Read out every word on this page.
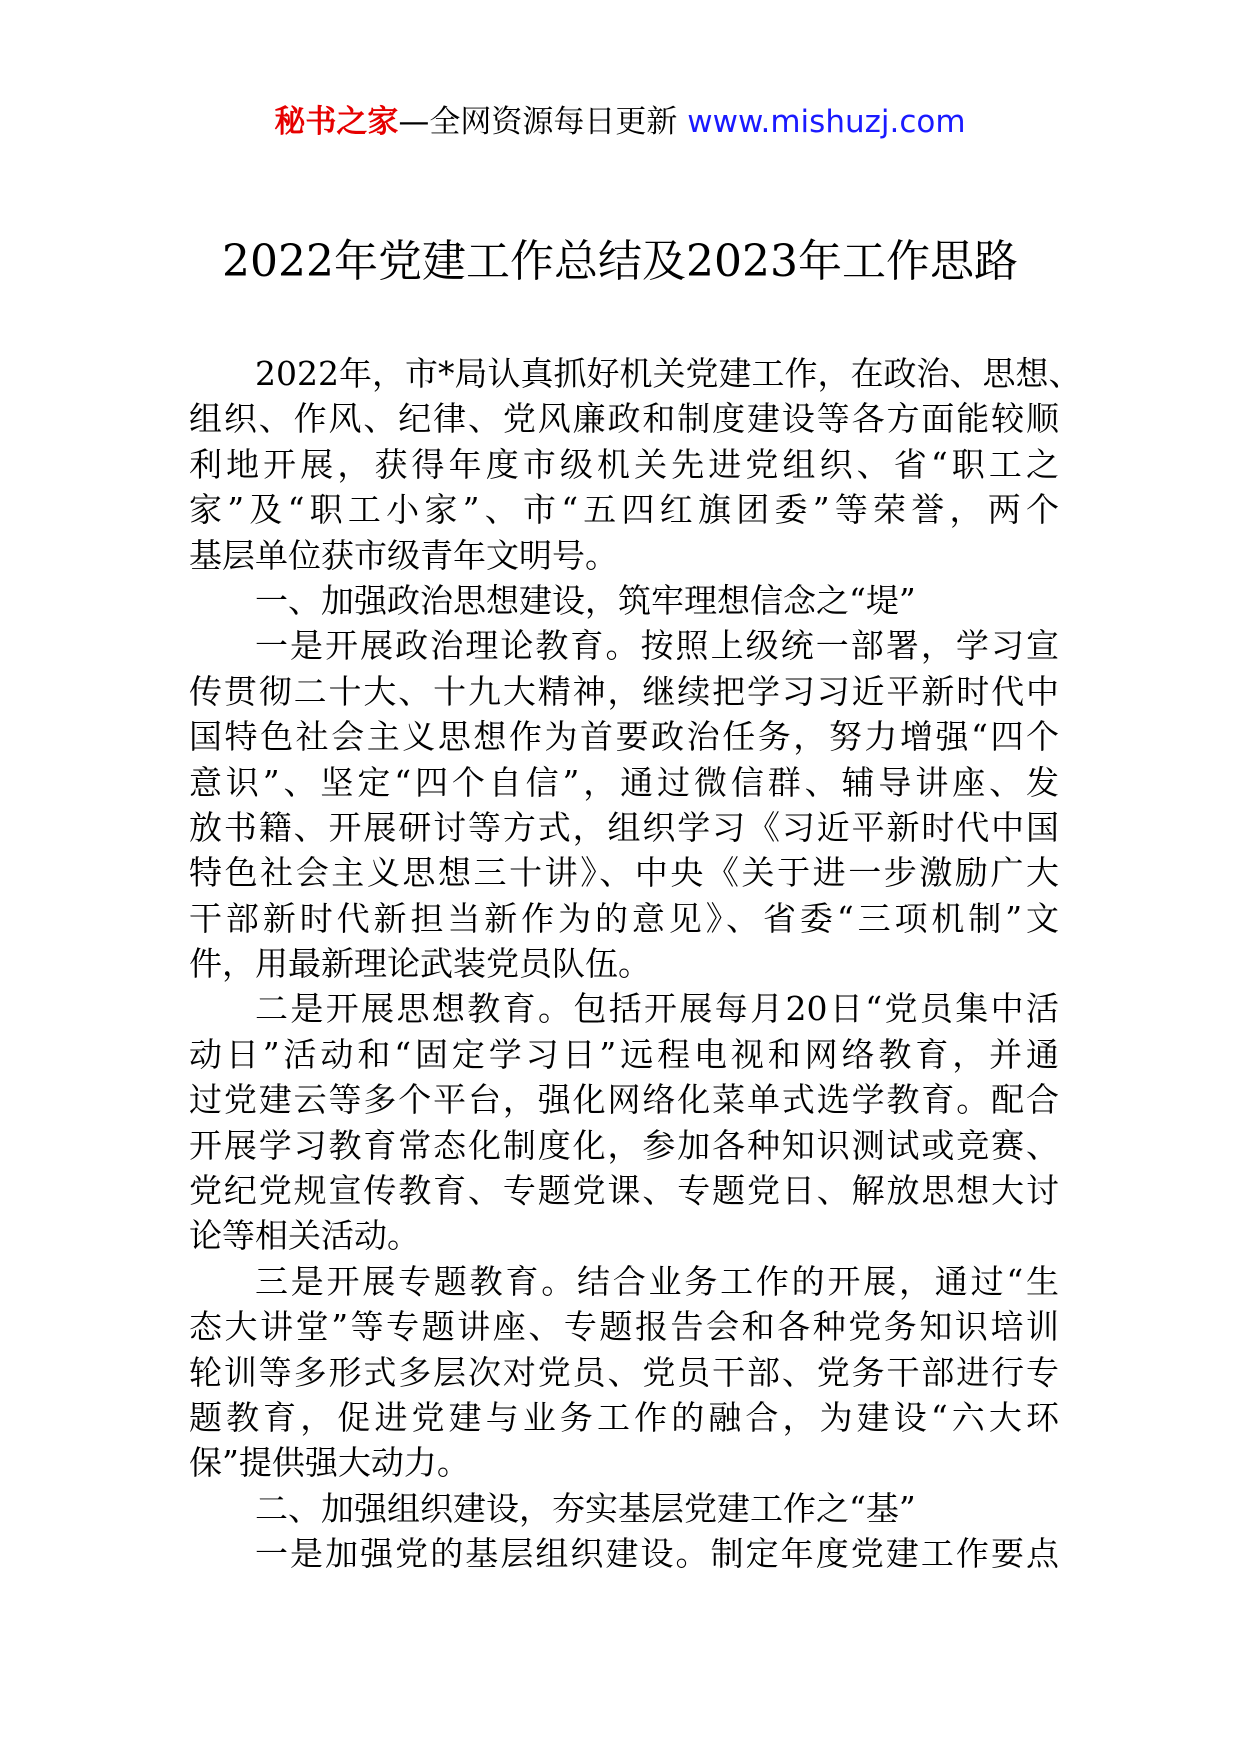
秘书之家—全网资源每日更新 www.mishuzj.com
2022年党建工作总结及2023年工作思路
2022年，市*局认真抓好机关党建工作，在政治、思想、
组织、作风、纪律、党风廉政和制度建设等各方面能较顺
利地开展，获得年度市级机关先进党组织、省“职工之
家”及“职工小家”、市“五四红旗团委”等荣誉，两个
基层单位获市级青年文明号。
一、加强政治思想建设，筑牢理想信念之“堤”
一是开展政治理论教育。按照上级统一部署，学习宣
传贯彻二十大、十九大精神，继续把学习习近平新时代中
国特色社会主义思想作为首要政治任务，努力增强“四个
意识”、坚定“四个自信”，通过微信群、辅导讲座、发
放书籍、开展研讨等方式，组织学习《习近平新时代中国
特色社会主义思想三十讲》、中央《关于进一步激励广大
干部新时代新担当新作为的意见》、省委“三项机制”文
件，用最新理论武装党员队伍。
二是开展思想教育。包括开展每月20日“党员集中活
动日”活动和“固定学习日”远程电视和网络教育，并通
过党建云等多个平台，强化网络化菜单式选学教育。配合
开展学习教育常态化制度化，参加各种知识测试或竞赛、
党纪党规宣传教育、专题党课、专题党日、解放思想大讨
论等相关活动。
三是开展专题教育。结合业务工作的开展，通过“生
态大讲堂”等专题讲座、专题报告会和各种党务知识培训
轮训等多形式多层次对党员、党员干部、党务干部进行专
题教育，促进党建与业务工作的融合，为建设“六大环
保”提供强大动力。
二、加强组织建设，夯实基层党建工作之“基”
一是加强党的基层组织建设。制定年度党建工作要点
